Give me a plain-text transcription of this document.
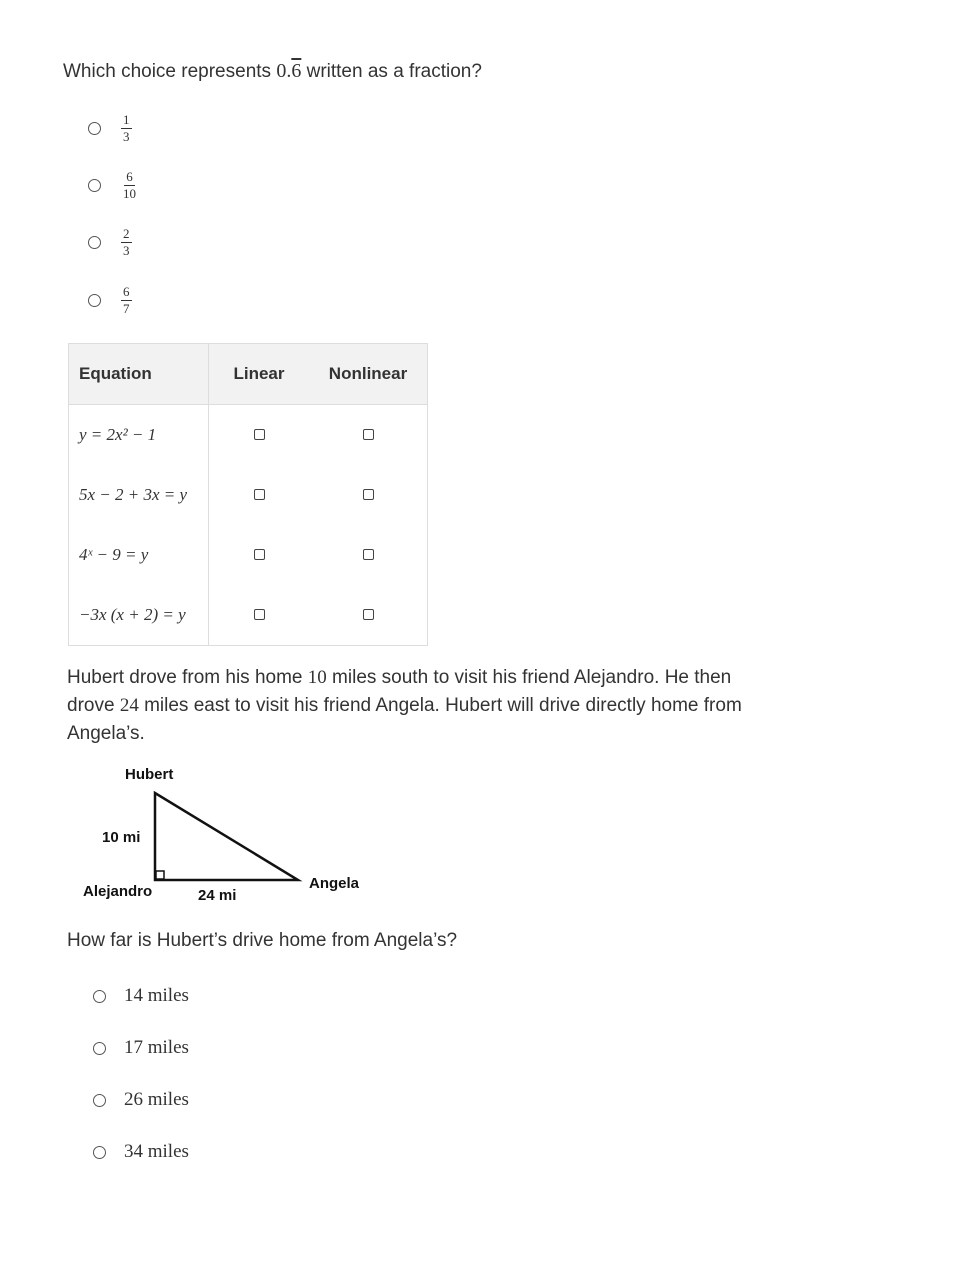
Which choice represents 0.6 written as a fraction?
$\frac{1}{3}$
$\frac{6}{10}$
$\frac{2}{3}$
$\frac{6}{7}$
Equation	Linear	Nonlinear
y = 2x² − 1		
5x − 2 + 3x = y		
4ˣ − 9 = y		
−3x (x + 2) = y		
Hubert drove from his home 10 miles south to visit his friend Alejandro. He then drove 24 miles east to visit his friend Angela. Hubert will drive directly home from Angela’s.
Hubert
10 mi
Alejandro	24 mi
Angela
How far is Hubert’s drive home from Angela’s?
14 miles
17 miles
26 miles
34 miles
